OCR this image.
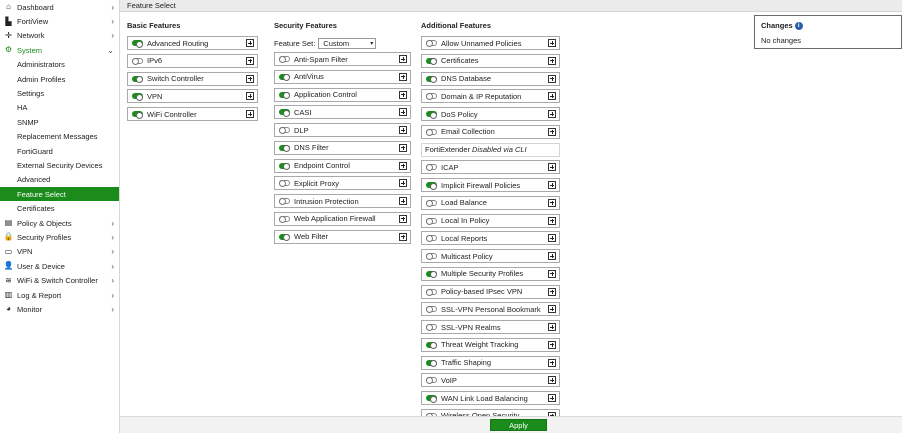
⌂ Dashboard	›
▙ FortiView	›
✛ Network	›
⚙ System	⌄
Administrators
Admin Profiles
Settings
HA
SNMP
Replacement Messages
FortiGuard
External Security Devices
Advanced
Feature Select
Certificates
▤ Policy & Objects	›
🔒 Security Profiles	›
▭ VPN	›
👤 User & Device	›
≋ WiFi & Switch Controller	›
▥ Log & Report	›
◕ Monitor	›
Feature Select
Basic Features	Security Features	Additional Features
Feature Set: Custom	▾
Advanced Routing
IPv6
Switch Controller
VPN
WiFi Controller
Anti-Spam Filter
AntiVirus
Application Control
CASI
DLP
DNS Filter
Endpoint Control
Explicit Proxy
Intrusion Protection
Web Application Firewall
Web Filter
Allow Unnamed Policies
Certificates
DNS Database
Domain & IP Reputation
DoS Policy
Email Collection
FortiExtender Disabled via CLI
ICAP
Implicit Firewall Policies
Load Balance
Local In Policy
Local Reports
Multicast Policy
Multiple Security Profiles
Policy-based IPsec VPN
SSL-VPN Personal Bookmark
SSL-VPN Realms
Threat Weight Tracking
Traffic Shaping
VoIP
WAN Link Load Balancing
Changes i
No changes
Apply
